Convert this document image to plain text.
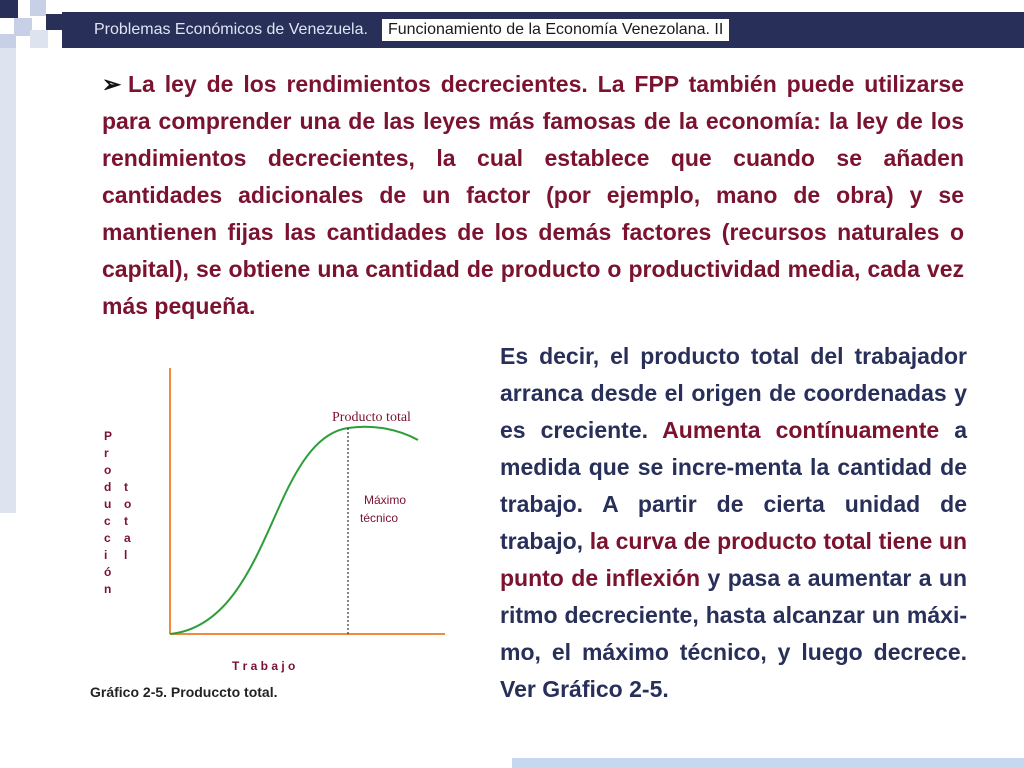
Problemas Económicos de Venezuela.	Funcionamiento de la Economía Venezolana. II
➢ La ley de los rendimientos decrecientes. La FPP también puede utilizarse para comprender una de las leyes más famosas de la economía: la ley de los rendimientos decrecientes, la cual establece que cuando se añaden cantidades adicionales de un factor (por ejemplo, mano de obra) y se mantienen fijas las cantidades de los demás factores (recursos naturales o capital), se obtiene una cantidad de producto o productividad media, cada vez más pequeña.
Es decir, el producto total del trabajador arranca desde el origen de coordenadas y es creciente. Aumenta contínuamente a medida que se incre-menta la cantidad de trabajo. A partir de cierta unidad de trabajo, la curva de producto total tiene un punto de inflexión y pasa a aumentar a un ritmo decreciente, hasta alcanzar un máxi-mo, el máximo técnico, y luego decrece. Ver Gráfico 2-5.
Producto total
Máximo
técnico
T r a b a j o
P
r
o
d
u
c
c
i
ó
n
t
o
t
a
l
Gráfico 2-5. Produccto total.
